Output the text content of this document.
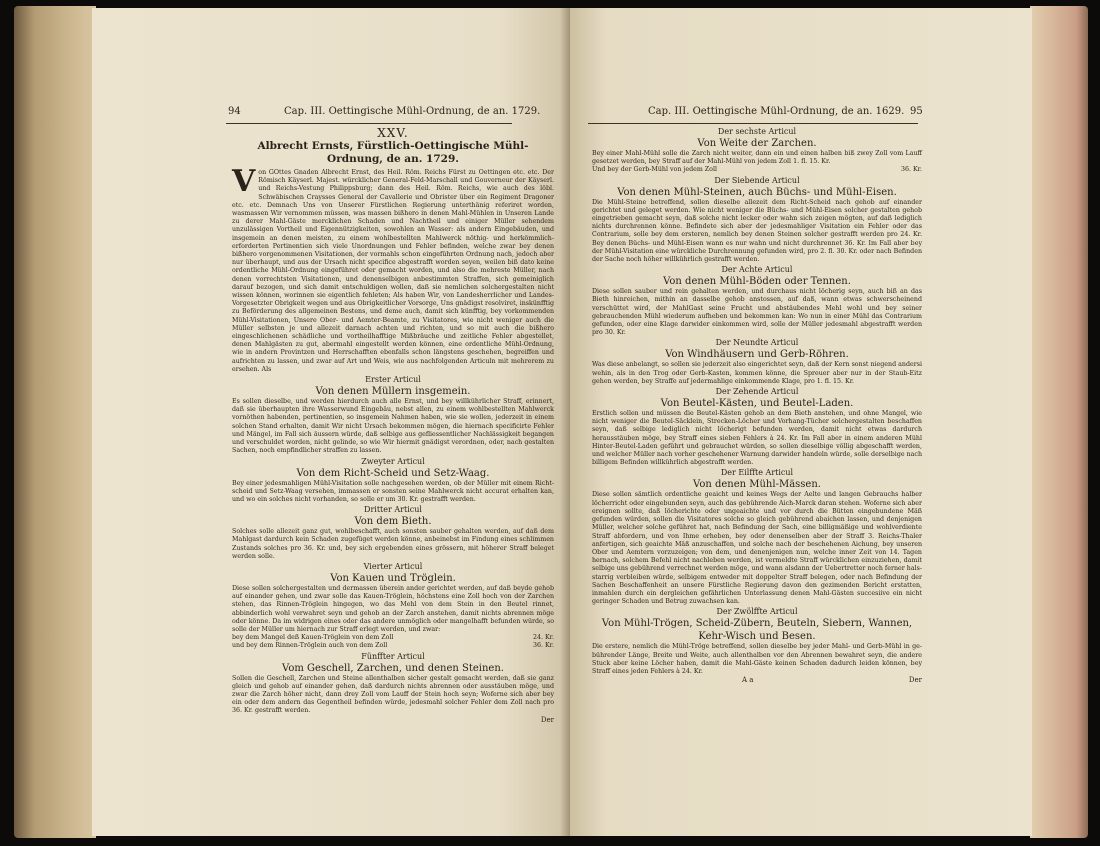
94	Cap. III. Oettingische Mühl-Ordnung, de an. 1729.

XXV.

Albrecht Ernsts, Fürstlich-Oettingische Mühl-Ordnung, de an. 1729.

Von GOttes Gnaden Albrecht Ernst, des Heil. Röm. Reichs Fürst zu Oettingen etc. etc. Der Römisch Käyserl. Majest. würcklicher General-Feld-Marschall und Gouverneur der Käyserl. und Reichs-Vestung Philippsburg; dann des Heil. Röm. Reichs, wie auch des löbl. Schwäbischen Craysses General der Cavallerie und Obrister über ein Regiment Dragoner etc. etc. Demnach Uns von Unserer Fürstlichen Regierung unterthänig referiret worden, wasmassen Wir vernommen müssen, was massen bißhero in denen Mahl-Mühlen in Unseren Lande zu derer Mahl-Gäste mercklichen Schaden und Nachtheil und einiger Müller sehendem unzulässigen Vortheil und Eigennützigkeiten, sowohlen an Wasser: als andern Eingebäuden, und insgemein an denen meisten, zu einem wohlbestellten Mahlwerck nöthig- und herkömmlich-erforderten Pertinentien sich viele Unordnungen und Fehler befinden, welche zwar bey denen bißhero vorgenommenen Visitationen, der vormahls schon eingeführten Ordnung nach, jedoch aber nur überhaupt, und aus der Ursach nicht specifice abgestrafft worden seyen, weilen biß dato keine ordentliche Mühl-Ordnung eingeführet oder gemacht worden, und also die mehreste Müller, nach denen vorrechtsten Visitationen, und denenselbigen anbestimmten Straffen, sich gemeiniglich darauf bezogen, und sich damit entschuldigen wollen, daß sie nemlichen solchergestalten nicht wissen können, worinnen sie eigentlich fehleten; Als haben Wir, von Landesherrlicher und Landes-Vorgesetzter Obrigkeit wegen und aus Obrigkeitlicher Vorsorge, Uns gnädigst resolviret, inskünfftig zu Beförderung des allgemeinen Bestens, und deme auch, damit sich künfftig, bey vorkommenden Mühl-Visitationen, Unsere Ober- und Aemter-Beamte, zu Visitatores, wie nicht weniger auch die Müller selbsten je und allezeit darnach achten und richten, und so mit auch die bißhero eingeschlichenen schädliche und vortheilhafftige Mißbräuche und zeitliche Fehler abgestellet, denen Mahlgästen zu gut, abermahl eingestellt werden können, eine ordentliche Mühl-Ordnung, wie in andern Provintzen und Herrschafften ebenfalls schon längstens geschehen, begreiffen und aufrichten zu lassen, und zwar auf Art und Weis, wie aus nachfolgenden Articuln mit mehrerem zu ersehen. Als

Erster Articul

Von denen Müllern insgemein.

Es sollen dieselbe, und werden hierdurch auch alle Ernst, und bey willkührlicher Straff, erinnert, daß sie überhaupten ihre Wasserwund Eingebäu, nebst allen, zu einem wohlbestellten Mahlwerck vornöthen habenden, pertinentien, so insgemein Nahmen haben, wie sie wollen, jederzeit in einem solchen Stand erhalten, damit Wir nicht Ursach bekommen mögen, die hiernach specificirte Fehler und Mängel, im Fall sich äussern würde, daß selbige aus gefliessentlicher Nachlässigkeit begangen und verschuldet worden, nicht gelinde, so wie Wir hiermit gnädigst verordnen, oder, nach gestalten Sachen, noch empfindlicher straffen zu lassen.

Zweyter Articul

Von dem Richt-Scheid und Setz-Waag.

Bey einer jedesmahligen Mühl-Visitation solle nachgesehen werden, ob der Müller mit einem Richtscheid und Setz-Waag versehen, immassen er sonsten seine Mahlwerck nicht accurat erhalten kan, und wo ein solches nicht vorhanden, so solle er um 30. Kr. gestrafft werden.

Dritter Articul

Von dem Bieth.

Solches solle allezeit ganz gut, wohlbeschafft, auch sonsten sauber gehalten werden, auf daß dem Mahlgast dardurch kein Schaden zugefüget werden könne, anbeinebst im Findung eines schlimmen Zustands solches pro 36. Kr. und, bey sich ergebenden eines grössern, mit höherer Straff beleget werden solle.

Vierter Articul

Von Kauen und Tröglein.

Diese sollen solchergestalten und dermassen überein ander gerichtet werden, auf daß beyde gehob auf einander gehen, und zwar solle das Kauen-Tröglein, höchstens eine Zoll hoch von der Zarchen stehen, das Rinnen-Tröglein hingegen, wo das Mehl von dem Stein in den Beutel rinnet, abbinderlich wohl verwahret seyn und gehob an der Zarch anstehen, damit nichts abrennen möge oder könne. Da im widrigen eines oder das andere unmöglich oder mangelhafft befunden würde, so solle der Müller um hiernach zur Straff erlegt werden, und zwar:

bey dem Mangel deß Kauen-Tröglein von dem Zoll	24. Kr.

und bey dem Rinnen-Tröglein auch von dem Zoll	36. Kr.

Fünffter Articul

Vom Geschell, Zarchen, und denen Steinen.

Sollen die Geschell, Zarchen und Steine allenthalben sicher gestalt gemacht werden, daß sie ganz gleich und gehob auf einander gehen, daß dardurch nichts abrennen oder ausstäuben möge, und zwar die Zarch höher nicht, dann drey Zoll vom Lauff der Stein hoch seyn; Woferne sich aber bey ein oder dem andern das Gegentheil befinden würde, jedesmahl solcher Fehler dem Zoll nach pro 36. Kr. gestrafft werden.

Der

Cap. III. Oettingische Mühl-Ordnung, de an. 1629. 95

Der sechste Articul

Von Weite der Zarchen.

Bey einer Mahl-Mühl solle die Zarch nicht weiter, dann ein und einen halben biß zwey Zoll vom Lauff gesetzet werden, bey Straff auf der Mahl-Mühl von jedem Zoll 1. fl. 15. Kr.

Und bey der Gerb-Mühl von jedem Zoll	36. Kr.

Der Siebende Articul

Von denen Mühl-Steinen, auch Büchs- und Mühl-Eisen.

Die Mühl-Steine betreffend, sollen dieselbe allezeit dem Richt-Scheid nach gehob auf einander gerichtet und geleget werden. Wie nicht weniger die Büchs- und Mühl-Eisen solcher gestalten gehob eingetrieben gemacht seyn, daß solche nicht lecker oder wahn sich zeigen mögten, auf daß lediglich nichts durchrennen könne. Befindete sich aber der jedesmahliger Visitation ein Fehler oder das Contrarium, solle bey dem ersteren, nemlich bey denen Steinen solcher gestrafft werden pro 24. Kr. Bey denen Büchs- und Mühl-Eisen wann es nur wahn und nicht durchrennet 36. Kr. Im Fall aber bey der Mühl-Visitation eine würckliche Durchrennung gefunden wird, pro 2. fl. 30. Kr. oder nach Befinden der Sache noch höher willkührlich gestrafft werden.

Der Achte Articul

Von denen Mühl-Böden oder Tennen.

Diese sollen sauber und rein gehalten werden, und durchaus nicht löcherig seyn, auch biß an das Bieth hinreichen, mithin an dasselbe gehob anstossen, auf daß, wann etwas schwerscheinend verschüttet wird, der MahlGast seine Frucht und abstäubendes Mehl wohl und bey seiner gebrauchenden Mühl wiederum aufheben und bekommen kan: Wo nun in einer Mühl das Contrarium gefunden, oder eine Klage darwider einkommen wird, solle der Müller jedesmahl abgestrafft werden pro 30. Kr.

Der Neundte Articul

Von Windhäusern und Gerb-Röhren.

Was diese anbelangt, so sollen sie jederzeit also eingerichtet seyn, daß der Kern sonst niegend andersi wehin, als in den Trog oder Gerb-Kasten, kommen könne, die Spreuer aber nur in der Staub-Eitz gehen werden, bey Straffe auf jedermahlige einkommende Klage, pro 1. fl. 15. Kr.

Der Zehende Articul

Von Beutel-Kästen, und Beutel-Laden.

Erstlich sollen und müssen die Beutel-Kästen gehob an dem Bieth anstehen, und ohne Mangel, wie nicht weniger die Beutel-Säcklein, Strecken-Löcher und Vorhang-Tücher solchergestalten beschaffen seyn, daß selbige lediglich nicht löcherigt befunden werden, damit nicht etwas dardurch herausstäuben möge, bey Straff eines sieben Fehlers à 24. Kr. Im Fall aber in einem anderen Mühl Hinter-Beutel-Laden geführt und gebrauchet würden, so sollen dieselbige völlig abgeschafft werden, und welcher Müller nach vorher geschehener Warnung darwider handeln würde, solle derselbige nach billigem Befinden willkührlich abgestrafft werden.

Der Eilffte Articul

Von denen Mühl-Mässen.

Diese sollen sämtlich ordentliche geaicht und keines Wegs der Aelte und langen Gebrauchs halber löcherricht oder eingebunden seyn, auch das gebührende Aich-Marck daran stehen. Woferne sich aber ereignen sollte, daß löcherichte oder ungeaichte und vor durch die Bütten eingebundene Mäß gefunden würden, sollen die Visitatores solche so gleich gebührend abaichen lassen, und denjenigen Müller, welcher solche geführet hat, nach Befindung der Sach, eine billigmäßige und wohlverdiente Straff abfordern, und von Ihme erheben, bey oder denenselben aber der Straff 3. Reichs-Thaler anfertigen, sich geaichte Mäß anzuschaffen, und solche nach der beschehenen Aichung, bey unseren Ober und Aemtern vorzuzeigen; von dem, und denenjenigen nun, welche inner Zeit von 14. Tagen hernach, solchem Befehl nicht nachleben werden, ist vermeldte Straff würcklichen einzuziehen, damit selbige uns gebührend verrechnet werden möge, und wann alsdann der Uebertretter noch ferner halsstarrig verbleiben würde, selbigem entweder mit doppelter Straff belegen, oder nach Befindung der Sachen Beschaffenheit an unsere Fürstliche Regierung davon den gezimenden Bericht erstatten, inmahlen durch ein dergleichen gefährlichen Unterlassung denen Mahl-Gästen succesiive ein nicht geringer Schaden und Betrug zuwachsen kan.

Der Zwölffte Articul

Von Mühl-Trögen, Scheid-Zübern, Beuteln, Siebern, Wannen, Kehr-Wisch und Besen.

Die erstere, nemlich die Mühl-Tröge betreffend, sollen dieselbe bey jeder Mahl- und Gerb-Mühl in gebührender Länge, Breite und Weite, auch allenthalben vor den Abrennen bewahret seyn, die andere Stuck aber keine Löcher haben, damit die Mahl-Gäste keinen Schaden dadurch leiden können, bey Straff eines jeden Fehlers à 24. Kr.

A a	Der
